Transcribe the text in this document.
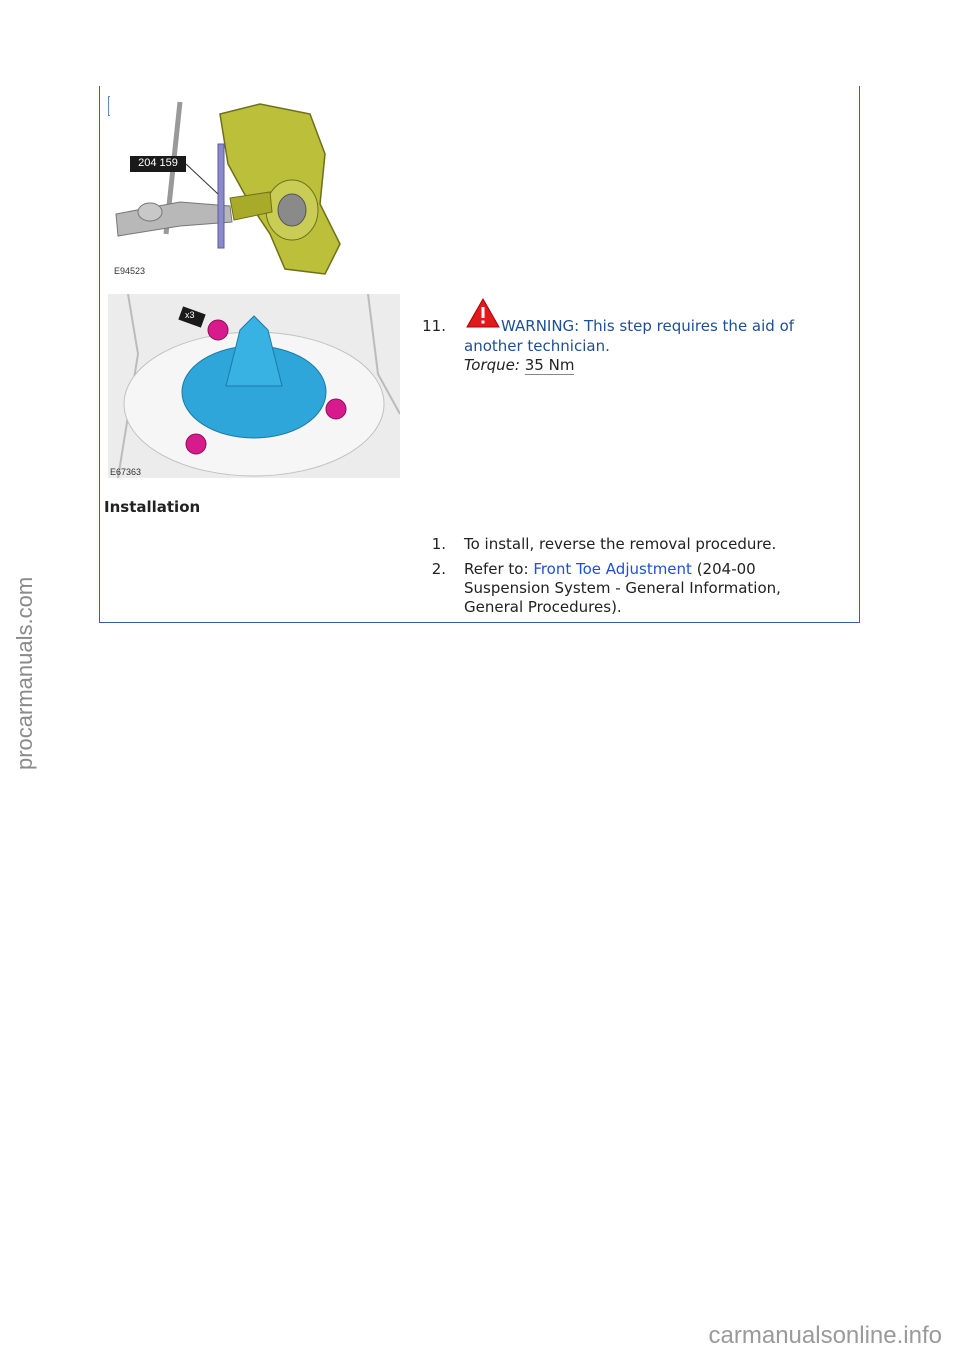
204 159
E94523
x3
E67363
11.	WARNING: This step requires the aid of
another technician.
Torque: 35 Nm
Installation
1. To install, reverse the removal procedure.
2. Refer to: Front Toe Adjustment (204-00
Suspension System - General Information,
General Procedures).
procarmanuals.com
carmanualsonline.info
